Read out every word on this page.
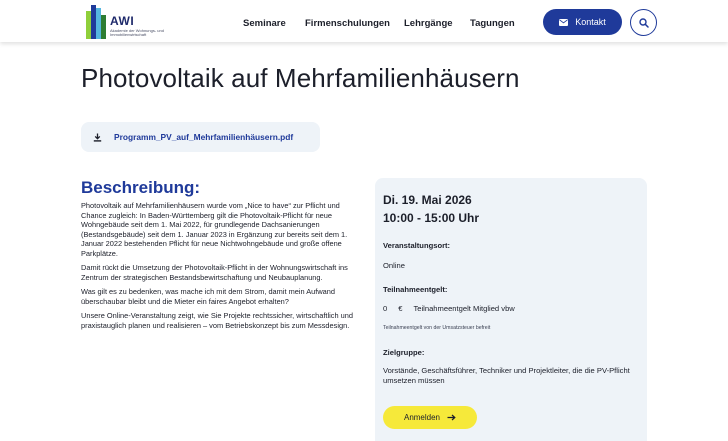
AWI
Akademie der Wohnungs- und Immobilienwirtschaft
Seminare Firmenschulungen Lehrgänge Tagungen	Kontakt
Photovoltaik auf Mehrfamilienhäusern
Programm_PV_auf_Mehrfamilienhäusern.pdf
Beschreibung:

Photovoltaik auf Mehrfamilienhäusern wurde vom „Nice to have“ zur Pflicht und Chance zugleich: In Baden-Württemberg gilt die Photovoltaik-Pflicht für neue Wohngebäude seit dem 1. Mai 2022, für grundlegende Dachsanierungen (Bestandsgebäude) seit dem 1. Januar 2023 in Ergänzung zur bereits seit dem 1. Januar 2022 bestehenden Pflicht für neue Nichtwohngebäude und große offene Parkplätze.

Damit rückt die Umsetzung der Photovoltaik-Pflicht in der Wohnungswirtschaft ins Zentrum der strategischen Bestandsbewirtschaftung und Neubauplanung.

Was gilt es zu bedenken, was mache ich mit dem Strom, damit mein Aufwand überschaubar bleibt und die Mieter ein faires Angebot erhalten?

Unsere Online-Veranstaltung zeigt, wie Sie Projekte rechtssicher, wirtschaftlich und praxistauglich planen und realisieren – vom Betriebskonzept bis zum Messdesign.

Di. 19. Mai 2026
10:00 - 15:00 Uhr
Veranstaltungsort:
Online
Teilnahmeentgelt:
0 € Teilnahmeentgelt Mitglied vbw
Teilnahmeentgelt von der Umsatzsteuer befreit
Zielgruppe:
Vorstände, Geschäftsführer, Techniker und Projektleiter, die die PV-Pflicht umsetzen müssen
Anmelden
